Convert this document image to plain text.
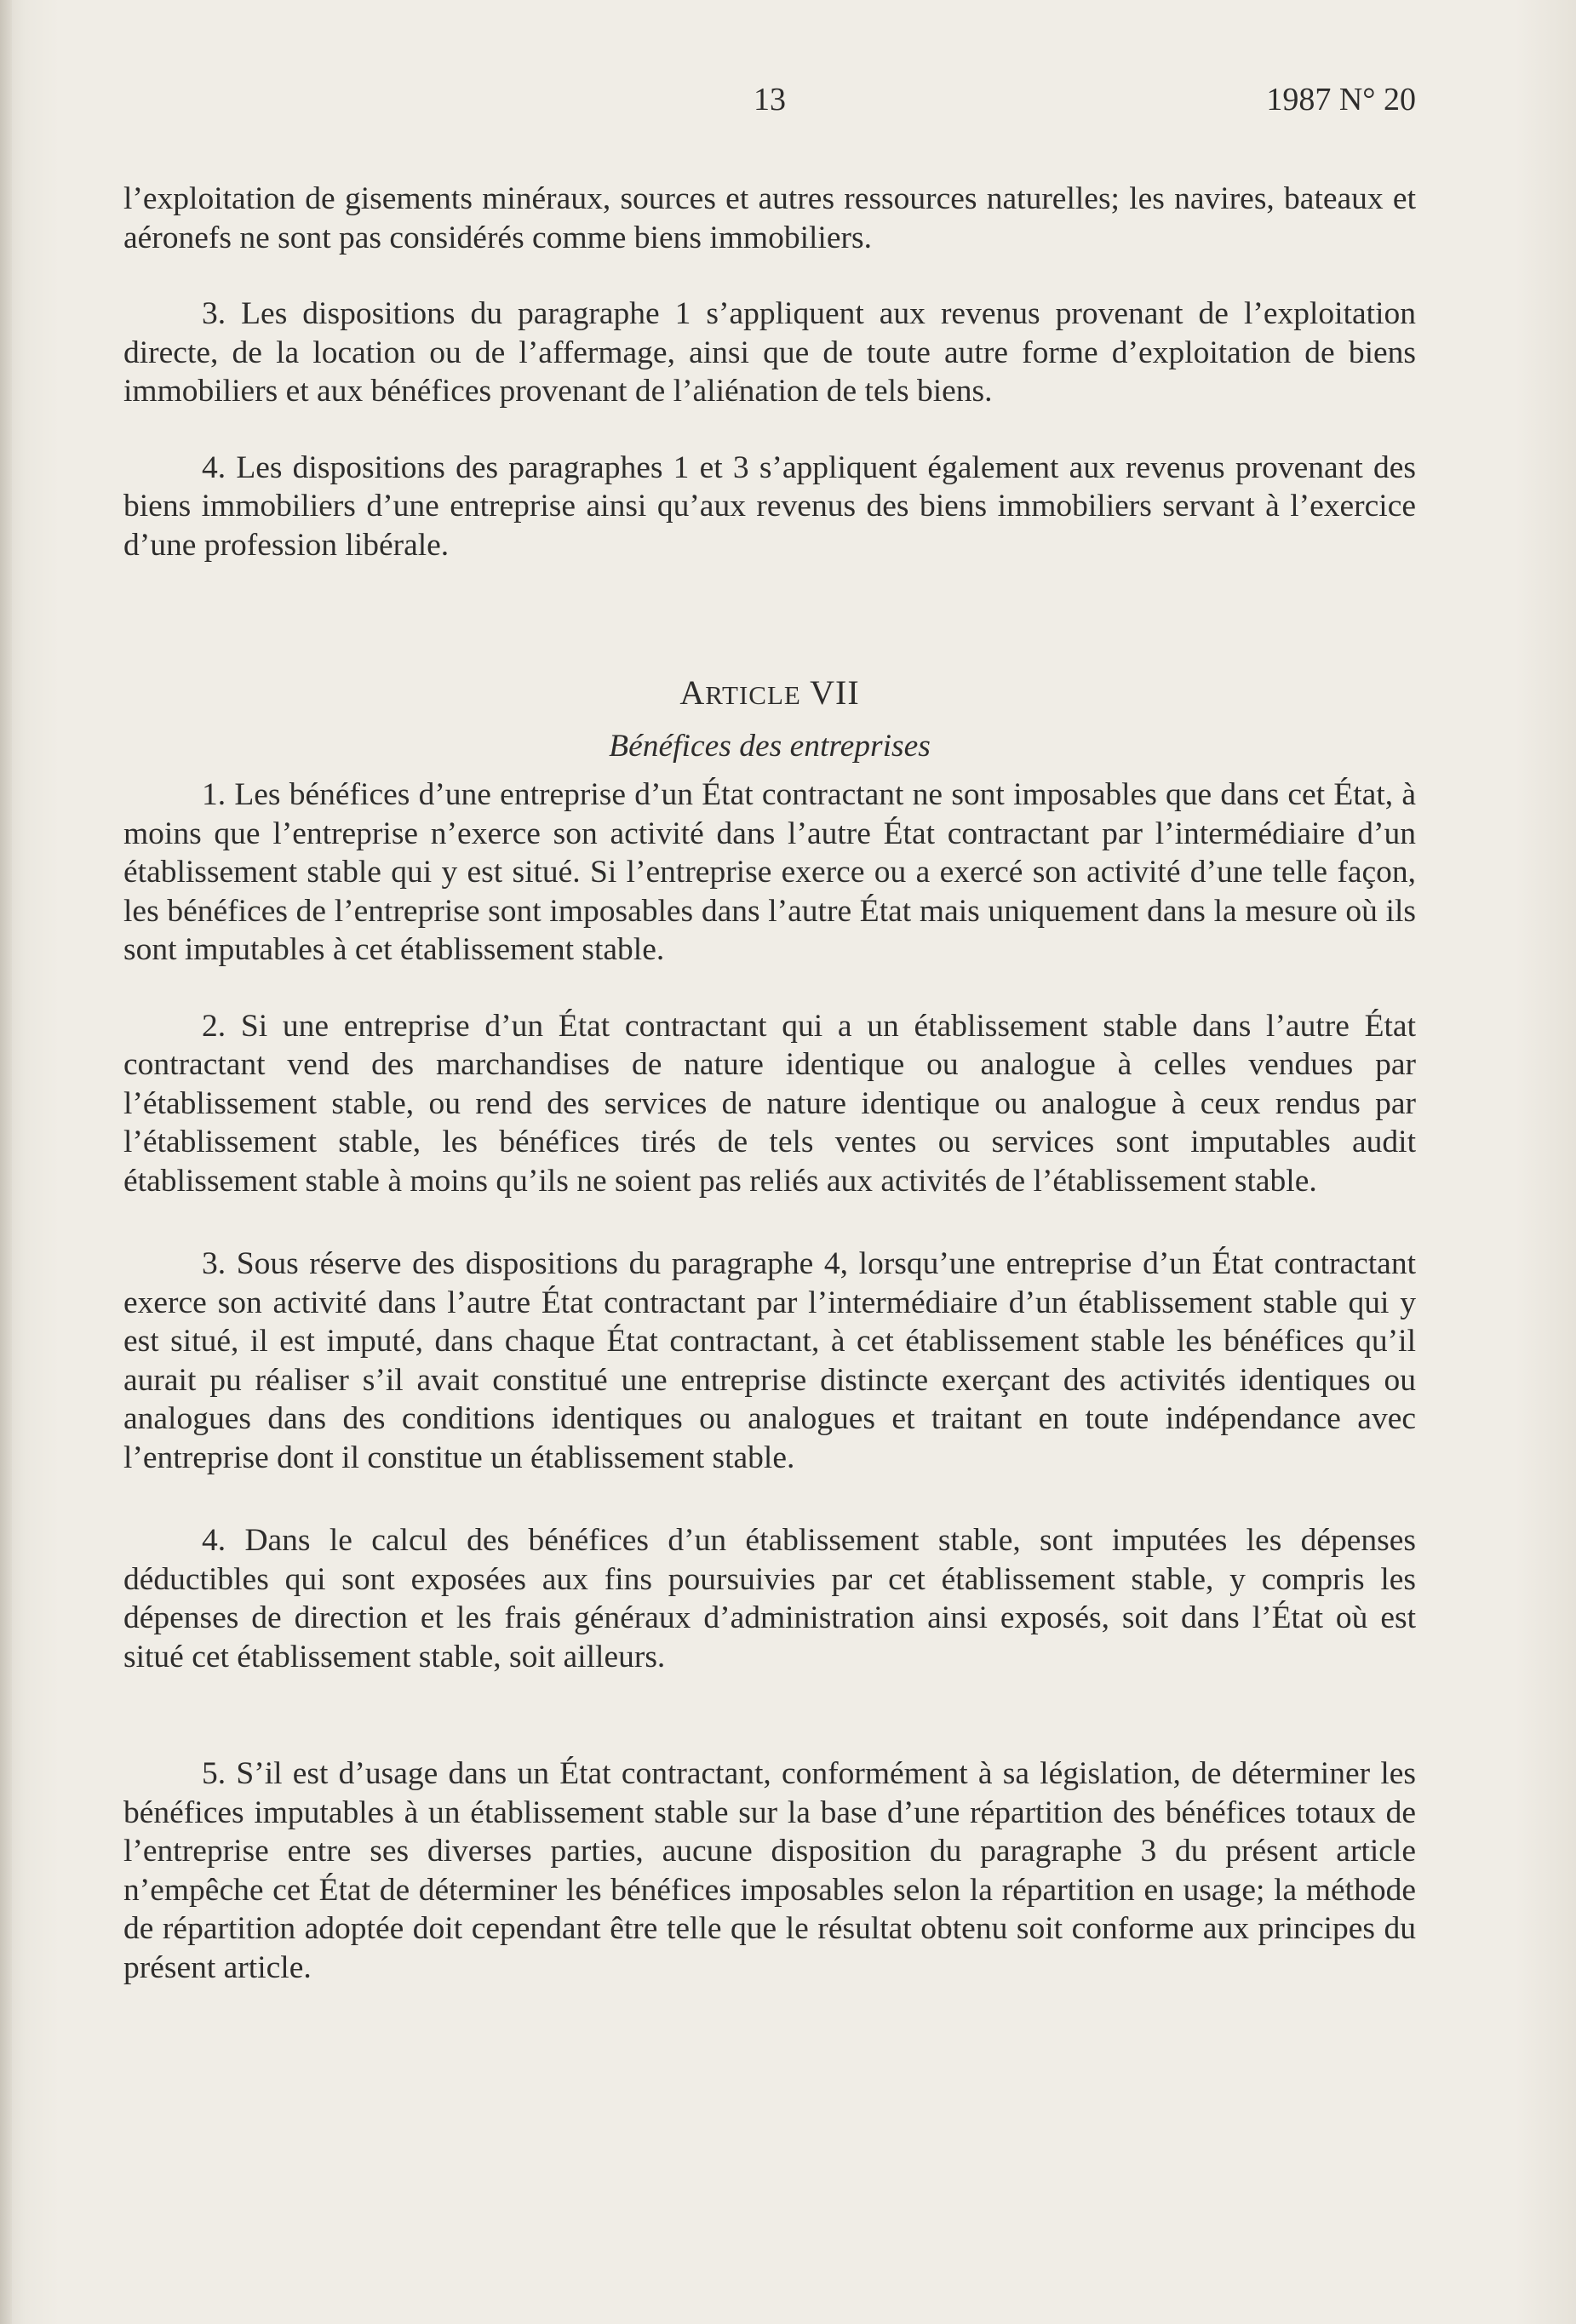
13	1987 N° 20

l’exploitation de gisements minéraux, sources et autres ressources naturelles; les navires, bateaux et aéronefs ne sont pas considérés comme biens immobiliers.

3. Les dispositions du paragraphe 1 s’appliquent aux revenus provenant de l’exploitation directe, de la location ou de l’affermage, ainsi que de toute autre forme d’exploitation de biens immobiliers et aux bénéfices provenant de l’aliénation de tels biens.

4. Les dispositions des paragraphes 1 et 3 s’appliquent également aux revenus provenant des biens immobiliers d’une entreprise ainsi qu’aux revenus des biens immobiliers servant à l’exercice d’une profession libérale.

ARTICLE VII

Bénéfices des entreprises

1. Les bénéfices d’une entreprise d’un État contractant ne sont imposables que dans cet État, à moins que l’entreprise n’exerce son activité dans l’autre État contractant par l’intermédiaire d’un établissement stable qui y est situé. Si l’entreprise exerce ou a exercé son activité d’une telle façon, les bénéfices de l’entreprise sont imposables dans l’autre État mais uniquement dans la mesure où ils sont imputables à cet établissement stable.

2. Si une entreprise d’un État contractant qui a un établissement stable dans l’autre État contractant vend des marchandises de nature identique ou analogue à celles vendues par l’établissement stable, ou rend des services de nature identique ou analogue à ceux rendus par l’établissement stable, les bénéfices tirés de tels ventes ou services sont imputables audit établissement stable à moins qu’ils ne soient pas reliés aux activités de l’établissement stable.

3. Sous réserve des dispositions du paragraphe 4, lorsqu’une entreprise d’un État contractant exerce son activité dans l’autre État contractant par l’intermédiaire d’un établissement stable qui y est situé, il est imputé, dans chaque État contractant, à cet établissement stable les bénéfices qu’il aurait pu réaliser s’il avait constitué une entreprise distincte exerçant des activités identiques ou analogues dans des conditions identiques ou analogues et traitant en toute indépendance avec l’entreprise dont il constitue un établissement stable.

4. Dans le calcul des bénéfices d’un établissement stable, sont imputées les dépenses déductibles qui sont exposées aux fins poursuivies par cet établissement stable, y compris les dépenses de direction et les frais généraux d’administration ainsi exposés, soit dans l’État où est situé cet établissement stable, soit ailleurs.

5. S’il est d’usage dans un État contractant, conformément à sa législation, de déterminer les bénéfices imputables à un établissement stable sur la base d’une répartition des bénéfices totaux de l’entreprise entre ses diverses parties, aucune disposition du paragraphe 3 du présent article n’empêche cet État de déterminer les bénéfices imposables selon la répartition en usage; la méthode de répartition adoptée doit cependant être telle que le résultat obtenu soit conforme aux principes du présent article.
